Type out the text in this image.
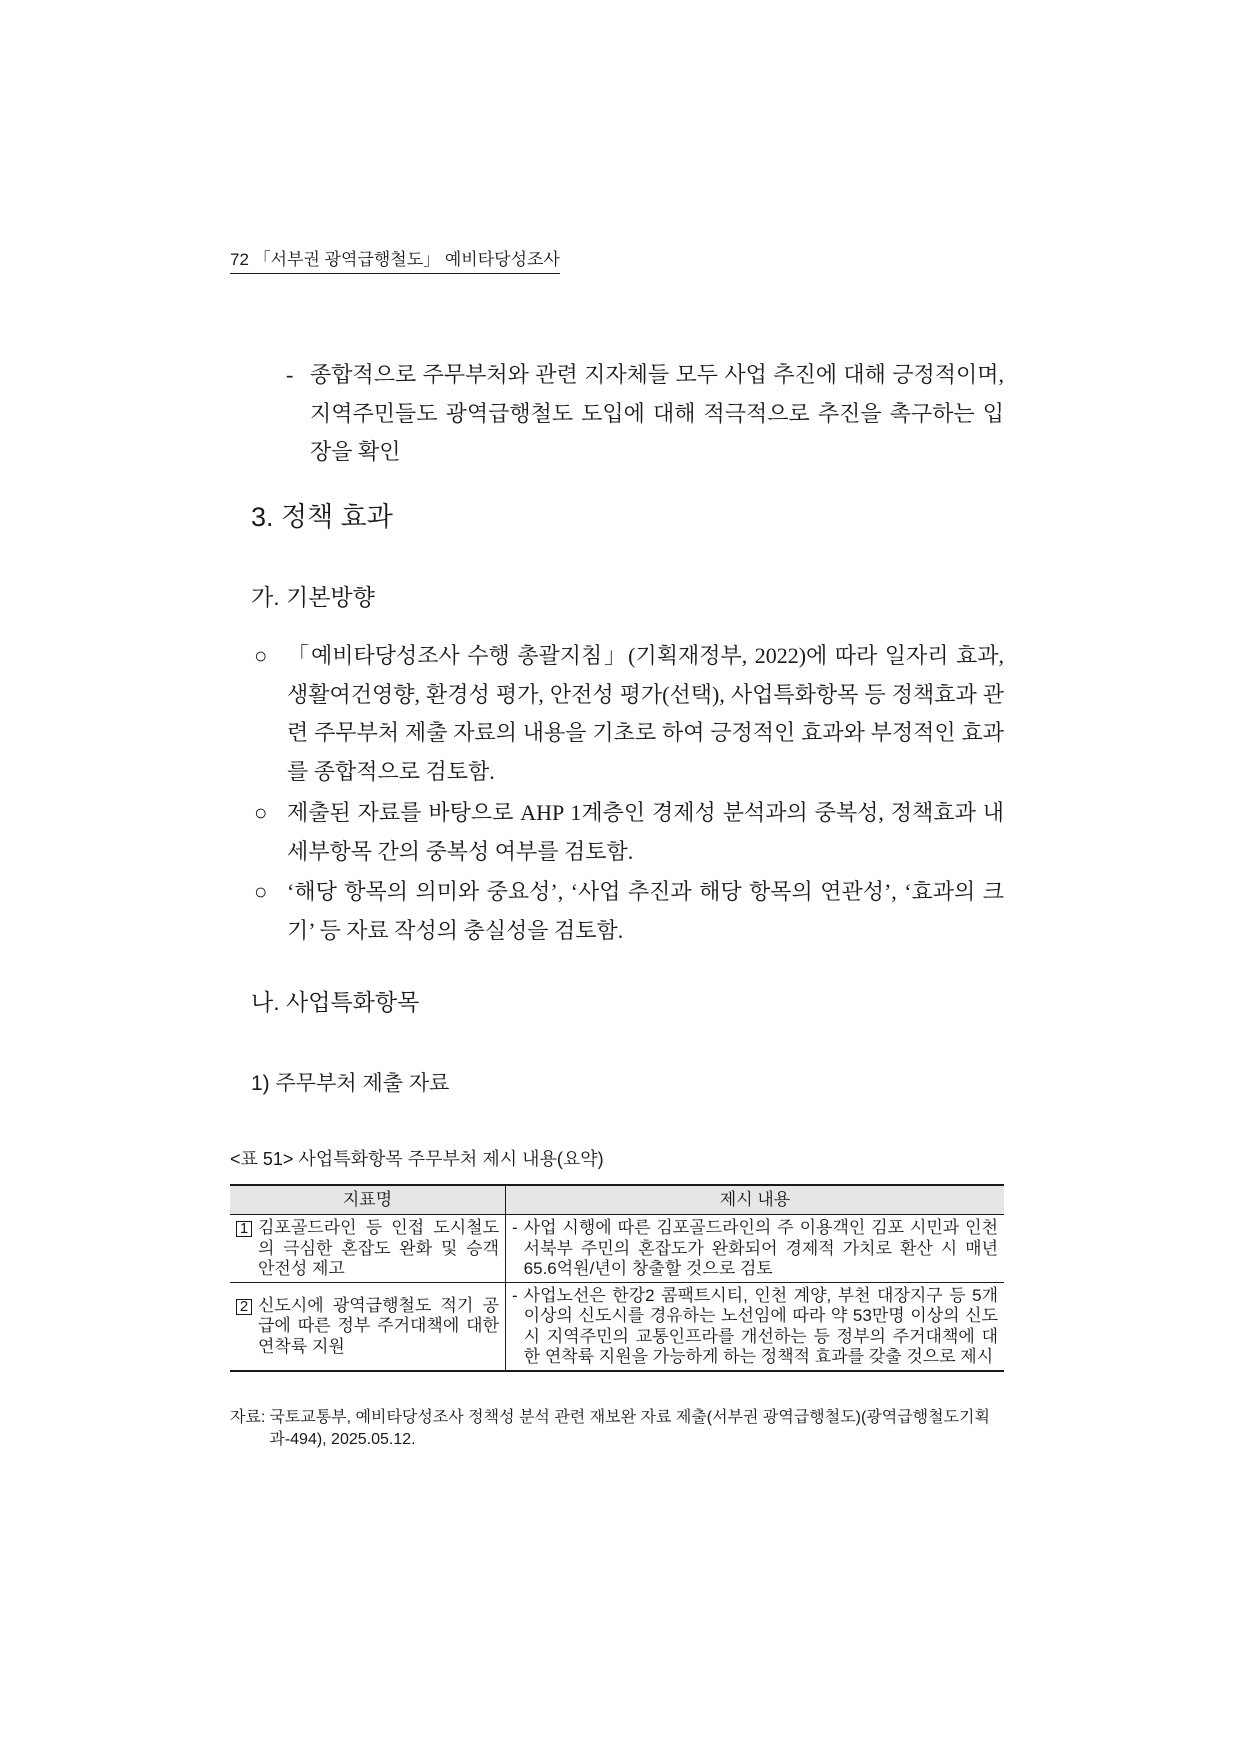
72 「서부권 광역급행철도」 예비타당성조사
- 종합적으로 주무부처와 관련 지자체들 모두 사업 추진에 대해 긍정적이며, 지역주민들도 광역급행철도 도입에 대해 적극적으로 추진을 촉구하는 입장을 확인
3. 정책 효과
가. 기본방향
○ 「예비타당성조사 수행 총괄지침」(기획재정부, 2022)에 따라 일자리 효과, 생활여건영향, 환경성 평가, 안전성 평가(선택), 사업특화항목 등 정책효과 관련 주무부처 제출 자료의 내용을 기초로 하여 긍정적인 효과와 부정적인 효과를 종합적으로 검토함.
○ 제출된 자료를 바탕으로 AHP 1계층인 경제성 분석과의 중복성, 정책효과 내 세부항목 간의 중복성 여부를 검토함.
○ ‘해당 항목의 의미와 중요성’, ‘사업 추진과 해당 항목의 연관성’, ‘효과의 크기’ 등 자료 작성의 충실성을 검토함.
나. 사업특화항목
1) 주무부처 제출 자료
<표 51> 사업특화항목 주무부처 제시 내용(요약)
지표명	제시 내용

1 김포골드라인 등 인접 도시철도의 극심한 혼잡도 완화 및 승객 안전성 제고	- 사업 시행에 따른 김포골드라인의 주 이용객인 김포 시민과 인천 서북부 주민의 혼잡도가 완화되어 경제적 가치로 환산 시 매년 65.6억원/년이 창출할 것으로 검토

2 신도시에 광역급행철도 적기 공급에 따른 정부 주거대책에 대한 연착륙 지원	- 사업노선은 한강2 콤팩트시티, 인천 계양, 부천 대장지구 등 5개 이상의 신도시를 경유하는 노선임에 따라 약 53만명 이상의 신도시 지역주민의 교통인프라를 개선하는 등 정부의 주거대책에 대한 연착륙 지원을 가능하게 하는 정책적 효과를 갖출 것으로 제시
자료: 국토교통부, 예비타당성조사 정책성 분석 관련 재보완 자료 제출(서부권 광역급행철도)(광역급행철도기획과-494), 2025.05.12.
